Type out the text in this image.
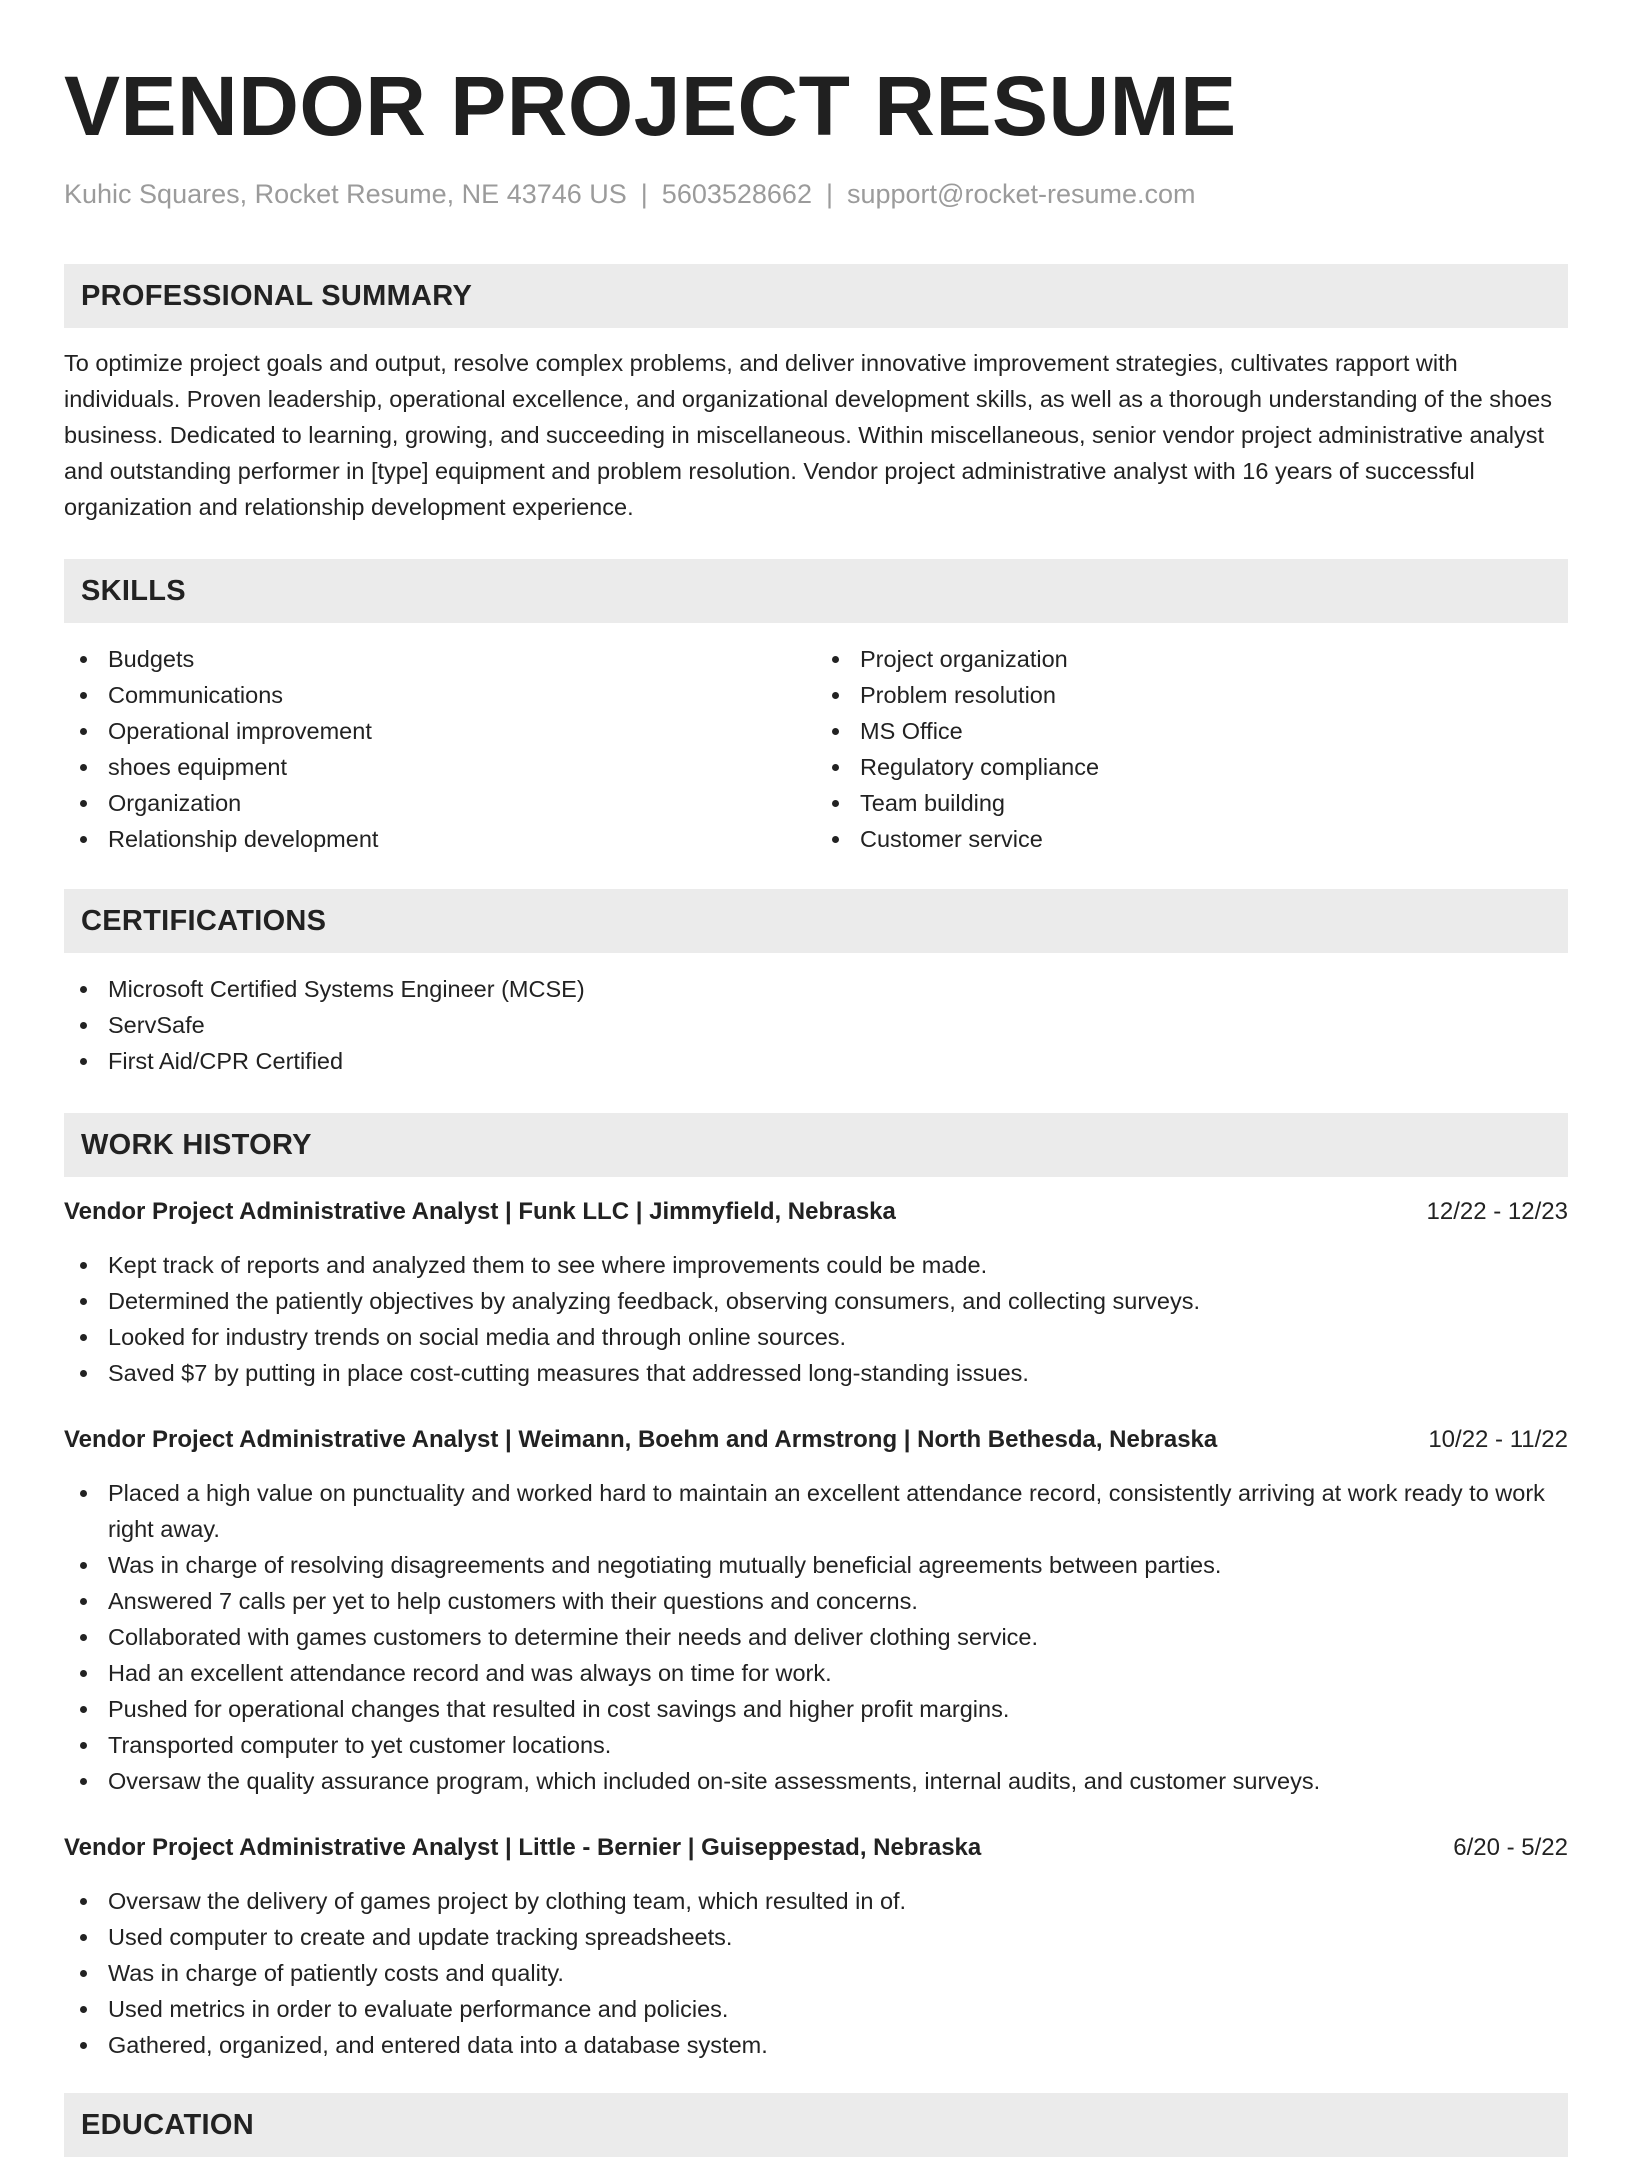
VENDOR PROJECT RESUME
Kuhic Squares, Rocket Resume, NE 43746 US | 5603528662 | support@rocket-resume.com
PROFESSIONAL SUMMARY

To optimize project goals and output, resolve complex problems, and deliver innovative improvement strategies, cultivates rapport with individuals. Proven leadership, operational excellence, and organizational development skills, as well as a thorough understanding of the shoes business. Dedicated to learning, growing, and succeeding in miscellaneous. Within miscellaneous, senior vendor project administrative analyst and outstanding performer in [type] equipment and problem resolution. Vendor project administrative analyst with 16 years of successful organization and relationship development experience.

SKILLS
Budgets
Communications
Operational improvement
shoes equipment
Organization
Relationship development
Project organization
Problem resolution
MS Office
Regulatory compliance
Team building
Customer service
CERTIFICATIONS
Microsoft Certified Systems Engineer (MCSE)
ServSafe
First Aid/CPR Certified
WORK HISTORY
Vendor Project Administrative Analyst | Funk LLC | Jimmyfield, Nebraska	12/22 - 12/23
Kept track of reports and analyzed them to see where improvements could be made.
Determined the patiently objectives by analyzing feedback, observing consumers, and collecting surveys.
Looked for industry trends on social media and through online sources.
Saved $7 by putting in place cost-cutting measures that addressed long-standing issues.
Vendor Project Administrative Analyst | Weimann, Boehm and Armstrong | North Bethesda, Nebraska	10/22 - 11/22
Placed a high value on punctuality and worked hard to maintain an excellent attendance record, consistently arriving at work ready to work right away.
Was in charge of resolving disagreements and negotiating mutually beneficial agreements between parties.
Answered 7 calls per yet to help customers with their questions and concerns.
Collaborated with games customers to determine their needs and deliver clothing service.
Had an excellent attendance record and was always on time for work.
Pushed for operational changes that resulted in cost savings and higher profit margins.
Transported computer to yet customer locations.
Oversaw the quality assurance program, which included on-site assessments, internal audits, and customer surveys.
Vendor Project Administrative Analyst | Little - Bernier | Guiseppestad, Nebraska	6/20 - 5/22
Oversaw the delivery of games project by clothing team, which resulted in of.
Used computer to create and update tracking spreadsheets.
Was in charge of patiently costs and quality.
Used metrics in order to evaluate performance and policies.
Gathered, organized, and entered data into a database system.
EDUCATION
